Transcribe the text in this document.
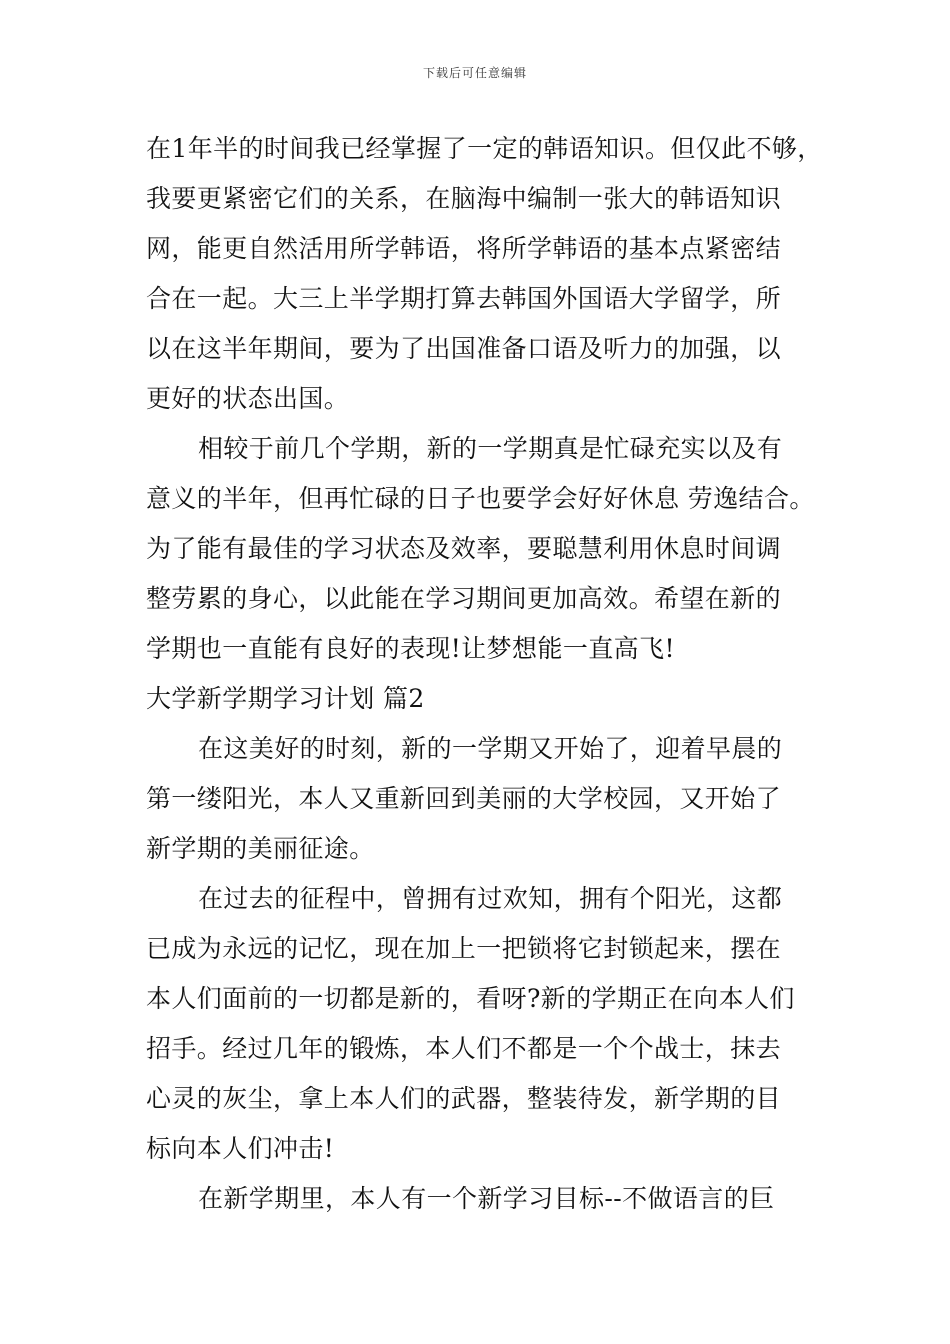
下载后可任意编辑
在1年半的时间我已经掌握了一定的韩语知识。但仅此不够，
我要更紧密它们的关系，在脑海中编制一张大的韩语知识
网，能更自然活用所学韩语，将所学韩语的基本点紧密结
合在一起。大三上半学期打算去韩国外国语大学留学，所
以在这半年期间，要为了出国准备口语及听力的加强，以
更好的状态出国。
相较于前几个学期，新的一学期真是忙碌充实以及有
意义的半年，但再忙碌的日子也要学会好好休息 劳逸结合。
为了能有最佳的学习状态及效率，要聪慧利用休息时间调
整劳累的身心，以此能在学习期间更加高效。希望在新的
学期也一直能有良好的表现!让梦想能一直高飞!
大学新学期学习计划 篇2
在这美好的时刻，新的一学期又开始了，迎着早晨的
第一缕阳光，本人又重新回到美丽的大学校园，又开始了
新学期的美丽征途。
在过去的征程中，曾拥有过欢知，拥有个阳光，这都
已成为永远的记忆，现在加上一把锁将它封锁起来，摆在
本人们面前的一切都是新的，看呀?新的学期正在向本人们
招手。经过几年的锻炼，本人们不都是一个个战士，抹去
心灵的灰尘，拿上本人们的武器，整装待发，新学期的目
标向本人们冲击!
在新学期里，本人有一个新学习目标--不做语言的巨
